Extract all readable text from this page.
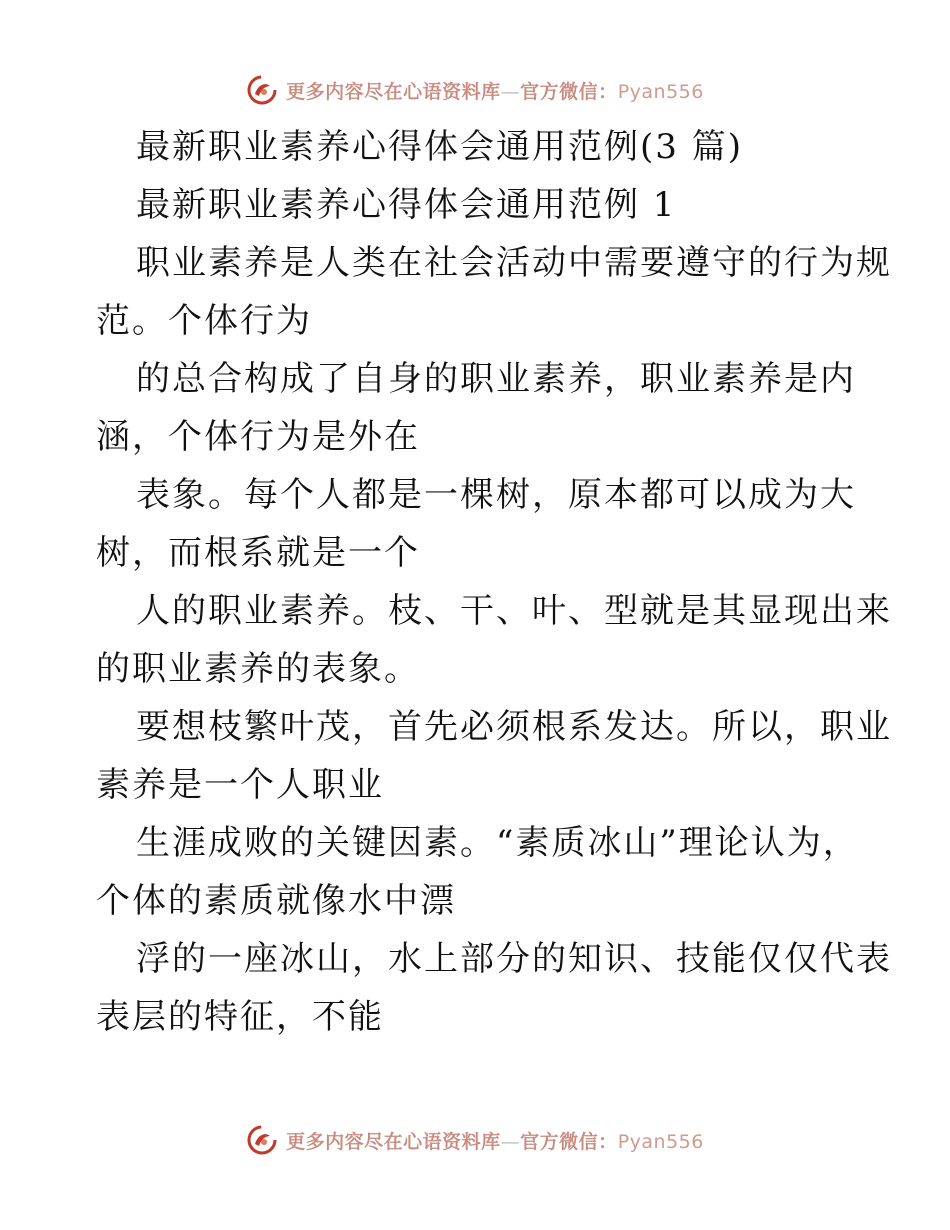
更多内容尽在心语资料库—官方微信：Pyan556
最新职业素养心得体会通用范例(3 篇)
最新职业素养心得体会通用范例 1
职业素养是人类在社会活动中需要遵守的行为规
范。个体行为
的总合构成了自身的职业素养，职业素养是内
涵，个体行为是外在
表象。每个人都是一棵树，原本都可以成为大
树，而根系就是一个
人的职业素养。枝、干、叶、型就是其显现出来
的职业素养的表象。
要想枝繁叶茂，首先必须根系发达。所以，职业
素养是一个人职业
生涯成败的关键因素。“素质冰山”理论认为，
个体的素质就像水中漂
浮的一座冰山，水上部分的知识、技能仅仅代表
表层的特征，不能
更多内容尽在心语资料库—官方微信：Pyan556
